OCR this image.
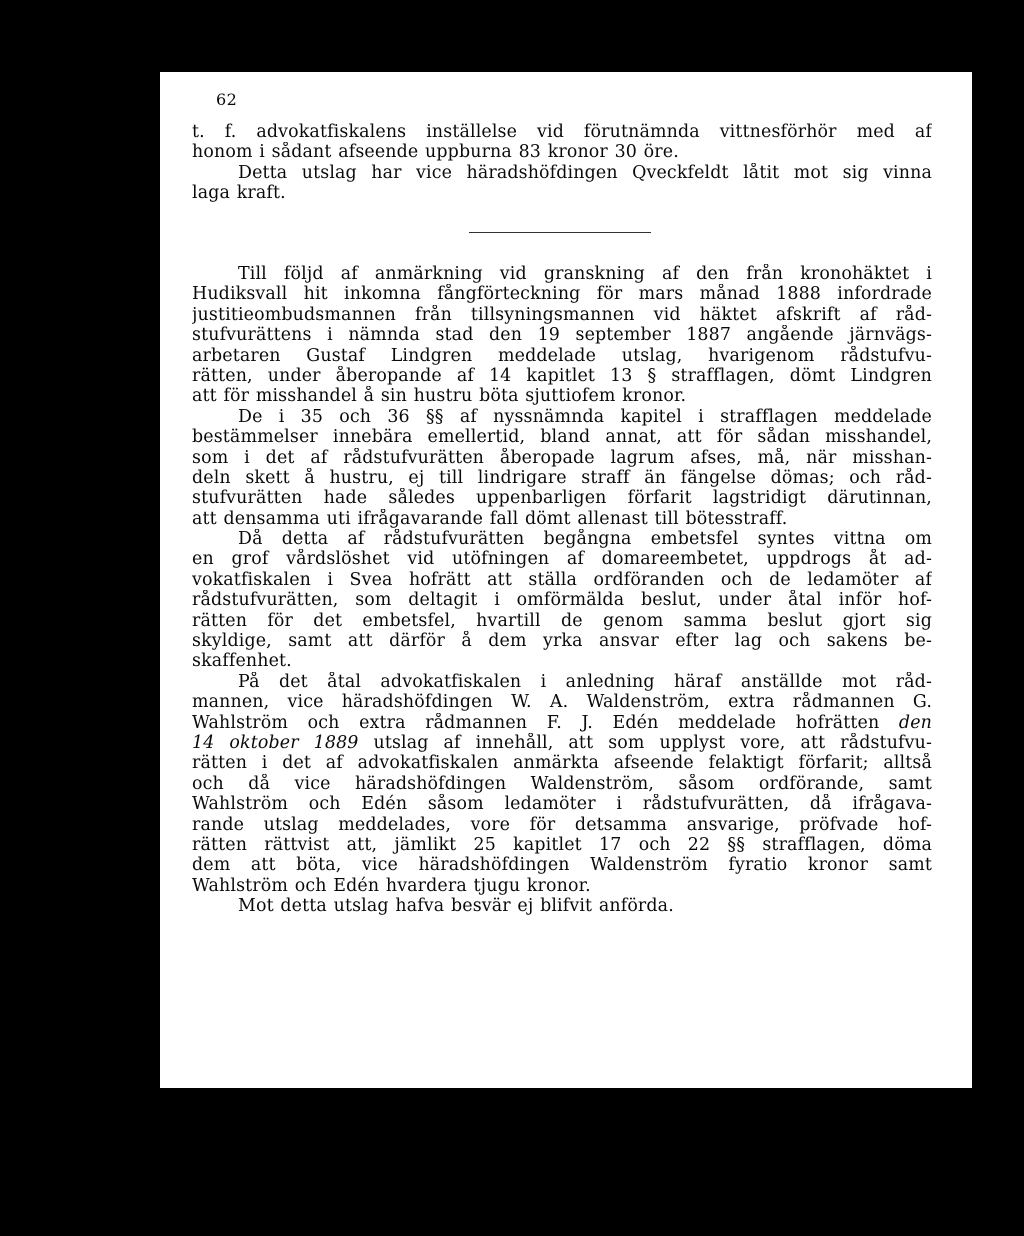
62
t. f. advokatfiskalens inställelse vid förutnämnda vittnesförhör med af
honom i sådant afseende uppburna 83 kronor 30 öre.
Detta utslag har vice häradshöfdingen Qveckfeldt låtit mot sig vinna
laga kraft.
Till följd af anmärkning vid granskning af den från kronohäktet i
Hudiksvall hit inkomna fångförteckning för mars månad 1888 infordrade
justitieombudsmannen från tillsyningsmannen vid häktet afskrift af råd-
stufvurättens i nämnda stad den 19 september 1887 angående järnvägs-
arbetaren Gustaf Lindgren meddelade utslag, hvarigenom rådstufvu-
rätten, under åberopande af 14 kapitlet 13 § strafflagen, dömt Lindgren
att för misshandel å sin hustru böta sjuttiofem kronor.
De i 35 och 36 §§ af nyssnämnda kapitel i strafflagen meddelade
bestämmelser innebära emellertid, bland annat, att för sådan misshandel,
som i det af rådstufvurätten åberopade lagrum afses, må, när misshan-
deln skett å hustru, ej till lindrigare straff än fängelse dömas; och råd-
stufvurätten hade således uppenbarligen förfarit lagstridigt därutinnan,
att densamma uti ifrågavarande fall dömt allenast till bötesstraff.
Då detta af rådstufvurätten begångna embetsfel syntes vittna om
en grof vårdslöshet vid utöfningen af domareembetet, uppdrogs åt ad-
vokatfiskalen i Svea hofrätt att ställa ordföranden och de ledamöter af
rådstufvurätten, som deltagit i omförmälda beslut, under åtal inför hof-
rätten för det embetsfel, hvartill de genom samma beslut gjort sig
skyldige, samt att därför å dem yrka ansvar efter lag och sakens be-
skaffenhet.
På det åtal advokatfiskalen i anledning häraf anställde mot råd-
mannen, vice häradshöfdingen W. A. Waldenström, extra rådmannen G.
Wahlström och extra rådmannen F. J. Edén meddelade hofrätten den
14 oktober 1889 utslag af innehåll, att som upplyst vore, att rådstufvu-
rätten i det af advokatfiskalen anmärkta afseende felaktigt förfarit; alltså
och då vice häradshöfdingen Waldenström, såsom ordförande, samt
Wahlström och Edén såsom ledamöter i rådstufvurätten, då ifrågava-
rande utslag meddelades, vore för detsamma ansvarige, pröfvade hof-
rätten rättvist att, jämlikt 25 kapitlet 17 och 22 §§ strafflagen, döma
dem att böta, vice häradshöfdingen Waldenström fyratio kronor samt
Wahlström och Edén hvardera tjugu kronor.
Mot detta utslag hafva besvär ej blifvit anförda.
